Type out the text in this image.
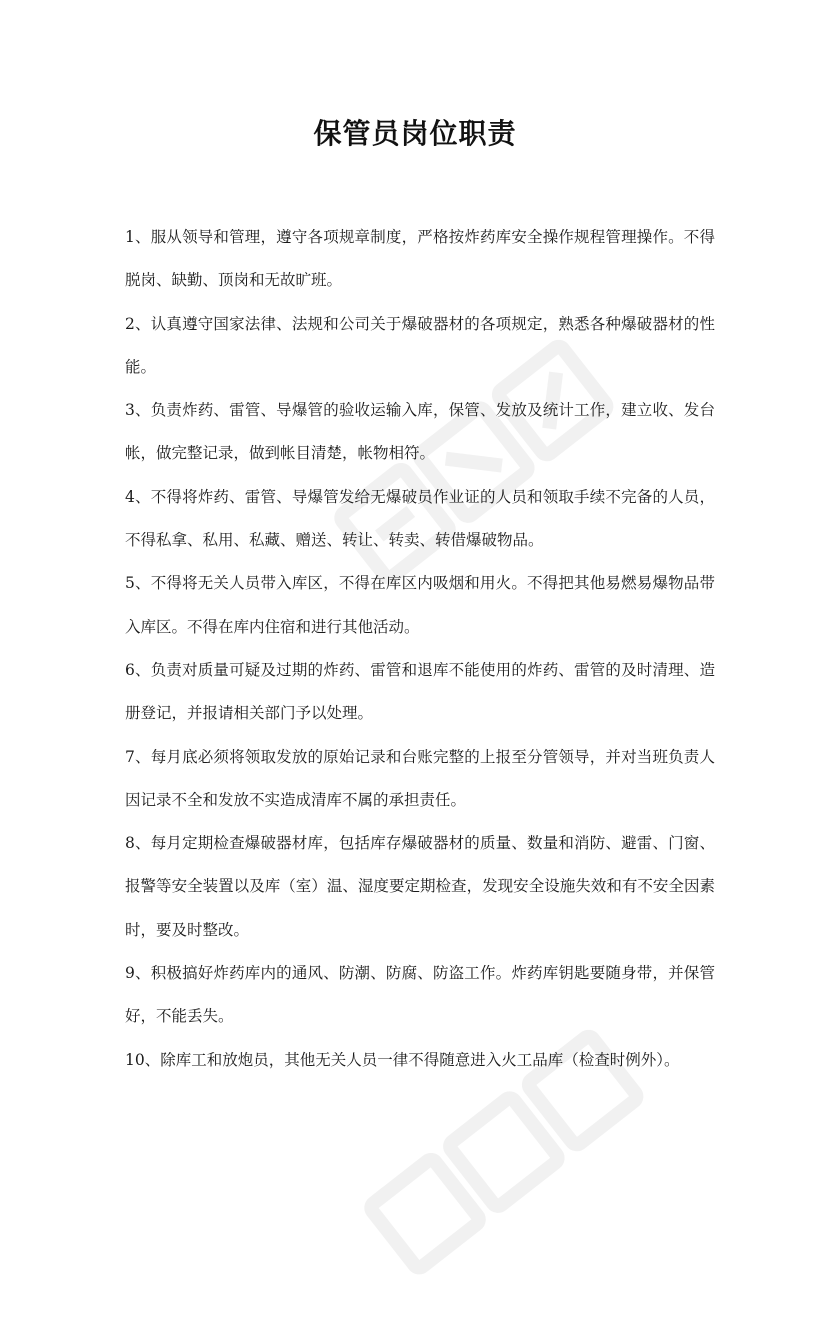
保管员岗位职责

1、服从领导和管理，遵守各项规章制度，严格按炸药库安全操作规程管理操作。不得脱岗、缺勤、顶岗和无故旷班。

2、认真遵守国家法律、法规和公司关于爆破器材的各项规定，熟悉各种爆破器材的性能。

3、负责炸药、雷管、导爆管的验收运输入库，保管、发放及统计工作，建立收、发台帐，做完整记录，做到帐目清楚，帐物相符。

4、不得将炸药、雷管、导爆管发给无爆破员作业证的人员和领取手续不完备的人员，不得私拿、私用、私藏、赠送、转让、转卖、转借爆破物品。

5、不得将无关人员带入库区，不得在库区内吸烟和用火。不得把其他易燃易爆物品带入库区。不得在库内住宿和进行其他活动。

6、负责对质量可疑及过期的炸药、雷管和退库不能使用的炸药、雷管的及时清理、造册登记，并报请相关部门予以处理。

7、每月底必须将领取发放的原始记录和台账完整的上报至分管领导，并对当班负责人因记录不全和发放不实造成清库不属的承担责任。

8、每月定期检查爆破器材库，包括库存爆破器材的质量、数量和消防、避雷、门窗、报警等安全装置以及库（室）温、湿度要定期检查，发现安全设施失效和有不安全因素时，要及时整改。

9、积极搞好炸药库内的通风、防潮、防腐、防盗工作。炸药库钥匙要随身带，并保管好，不能丢失。

10、除库工和放炮员，其他无关人员一律不得随意进入火工品库（检查时例外）。
